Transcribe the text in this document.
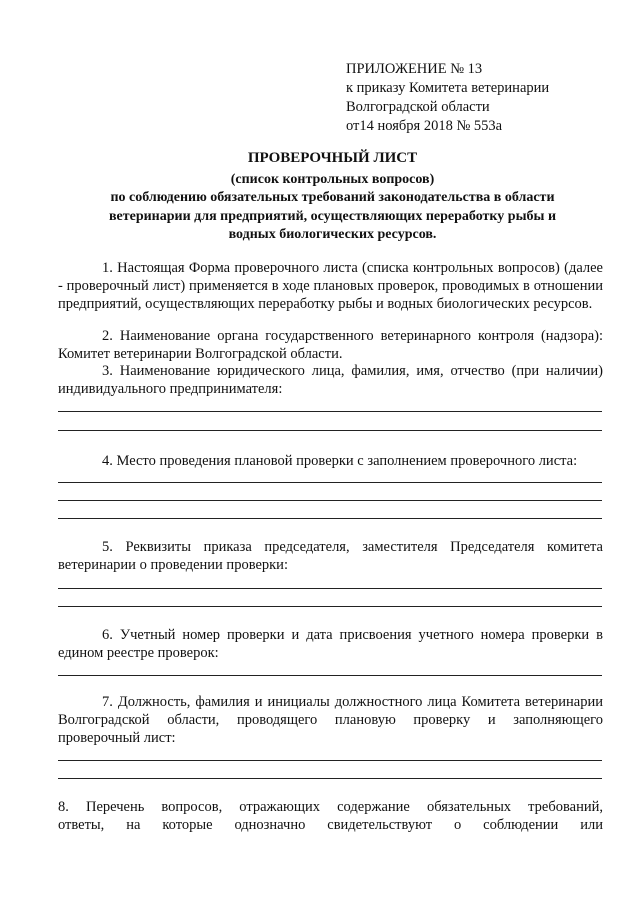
ПРИЛОЖЕНИЕ № 13
к приказу Комитета ветеринарии
Волгоградской области
от14 ноября 2018 № 553а
ПРОВЕРОЧНЫЙ ЛИСТ
(список контрольных вопросов)
по соблюдению обязательных требований законодательства в области
ветеринарии для предприятий, осуществляющих переработку рыбы и
водных биологических ресурсов.
1. Настоящая Форма проверочного листа (списка контрольных вопросов) (далее - проверочный лист) применяется в ходе плановых проверок, проводимых в отношении предприятий, осуществляющих переработку рыбы и водных биологических ресурсов.
2. Наименование органа государственного ветеринарного контроля (надзора): Комитет ветеринарии Волгоградской области.
3. Наименование юридического лица, фамилия, имя, отчество (при наличии) индивидуального предпринимателя:
4. Место проведения плановой проверки с заполнением проверочного листа:
5. Реквизиты приказа председателя, заместителя Председателя комитета ветеринарии о проведении проверки:
6. Учетный номер проверки и дата присвоения учетного номера проверки в едином реестре проверок:
7. Должность, фамилия и инициалы должностного лица Комитета ветеринарии Волгоградской области, проводящего плановую проверку и заполняющего проверочный лист:
8. Перечень вопросов, отражающих содержание обязательных требований, ответы, на которые однозначно свидетельствуют о соблюдении или
